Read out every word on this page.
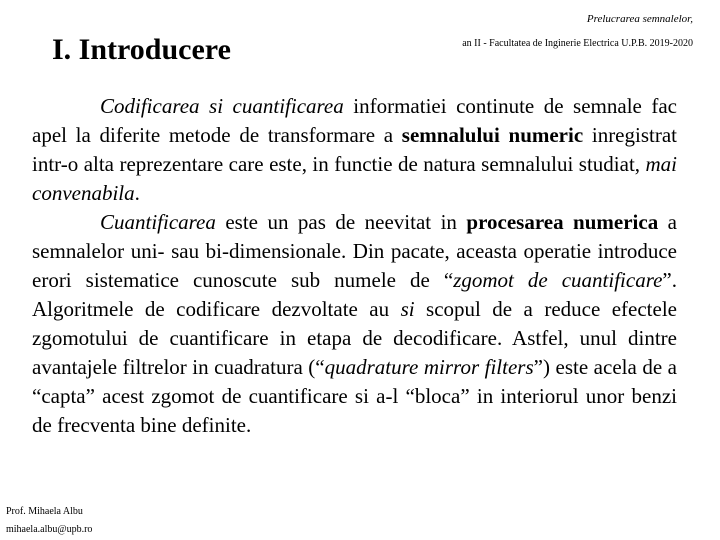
Prelucrarea semnalelor,
an II - Facultatea de Inginerie Electrica U.P.B. 2019-2020
I. Introducere

Codificarea si cuantificarea informatiei continute de semnale fac apel la diferite metode de transformare a semnalului numeric inregistrat intr-o alta reprezentare care este, in functie de natura semnalului studiat, mai convenabila.

Cuantificarea este un pas de neevitat in procesarea numerica a semnalelor uni- sau bi-dimensionale. Din pacate, aceasta operatie introduce erori sistematice cunoscute sub numele de “zgomot de cuantificare”. Algoritmele de codificare dezvoltate au si scopul de a reduce efectele zgomotului de cuantificare in etapa de decodificare. Astfel, unul dintre avantajele filtrelor in cuadratura (“quadrature mirror filters”) este acela de a “capta” acest zgomot de cuantificare si a-l “bloca” in interiorul unor benzi de frecventa bine definite.

Prof. Mihaela Albu
mihaela.albu@upb.ro
